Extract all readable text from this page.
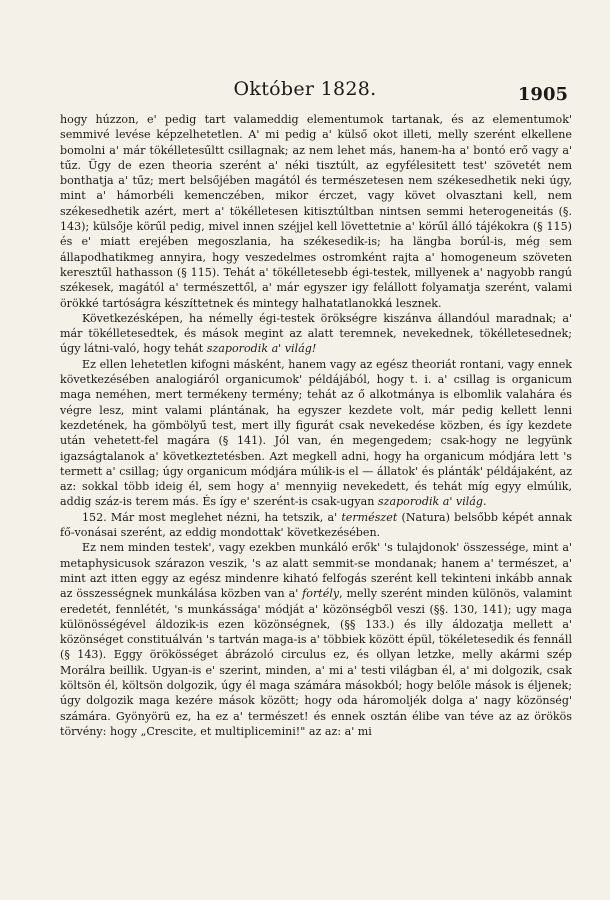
Október 1828.	1905

hogy húzzon, e' pedig tart valameddig elementumok tartanak, és az elementumok' semmivé levése képzelhetetlen. A' mi pedig a' külső okot illeti, melly szerént elkellene bomolni a' már tökélletesűltt csillagnak; az nem lehet más, hanem-ha a' bontó erő vagy a' tűz. Ügy de ezen theoria szerént a' néki tisztúlt, az egyfélesitett test' szövetét nem bonthatja a' tűz; mert belsőjében magától és természetesen nem székesedhetik neki úgy, mint a' hámorbéli kemenczében, mikor érczet, vagy követ olvasztani kell, nem székesedhetik azért, mert a' tökélletesen kitisztúltban nintsen semmi heterogeneitás (§. 143); külsője körűl pedig, mivel innen széjjel kell lövettetnie a' körűl álló tájékokra (§ 115) és e' miatt erejében megoszlania, ha székesedik-is; ha längba borúl-is, még sem állapodhatikmeg annyira, hogy veszedelmes ostromként rajta a' homogeneum szöveten keresztűl hathasson (§ 115). Tehát a' tökélletesebb égi-testek, millyenek a' nagyobb rangú székesek, magától a' természettől, a' már egyszer igy felállott folyamatja szerént, valami örökké tartóságra készíttetnek és mintegy halhatatlanokká lesznek.

Következésképen, ha némelly égi-testek örökségre kiszánva állandóul maradnak; a' már tökélletesedtek, és mások megint az alatt teremnek, nevekednek, tökélletesednek; úgy látni-való, hogy tehát szaporodik a' világ!

Ez ellen lehetetlen kifogni másként, hanem vagy az egész theoriát rontani, vagy ennek következésében analogiáról organicumok' példájából, hogy t. i. a' csillag is organicum maga neméhen, mert termékeny termény; tehát az ő alkotmánya is elbomlik valahára és végre lesz, mint valami plántának, ha egyszer kezdete volt, már pedig kellett lenni kezdetének, ha gömbölyű test, mert illy figurát csak nevekedése közben, és így kezdete után vehetett-fel magára (§ 141). Jól van, én megengedem; csak-hogy ne legyünk igazságtalanok a' következtetésben. Azt megkell adni, hogy ha organicum módjára lett 's termett a' csillag; úgy organicum módjára múlik-is el — állatok' és plánták' példájaként, az az: sokkal több ideig él, sem hogy a' mennyiig nevekedett, és tehát míg egyy elmúlik, addig száz-is terem más. És így e' szerént-is csak-ugyan szaporodik a' világ.

152. Már most meglehet nézni, ha tetszik, a' természet (Natura) belsőbb képét annak fő-vonásai szerént, az eddig mondottak' következésében.

Ez nem minden testek', vagy ezekben munkáló erők' 's tulajdonok' összessége, mint a' metaphysicusok szárazon veszik, 's az alatt semmit-se mondanak; hanem a' természet, a' mint azt itten eggy az egész mindenre kiható felfogás szerént kell tekinteni inkább annak az összességnek munkálása közben van a' fortély, melly szerént minden különös, valamint eredetét, fennlétét, 's munkássága' módját a' közönségből veszi (§§. 130, 141); ugy maga különösségével áldozik-is ezen közönségnek, (§§ 133.) és illy áldozatja mellett a' közönséget constituálván 's tartván maga-is a' többiek között épül, tökéletesedik és fennáll (§ 143). Eggy örökösséget ábrázoló circulus ez, és ollyan letzke, melly akármi szép Morálra beillik. Ugyan-is e' szerint, minden, a' mi a' testi világban él, a' mi dolgozik, csak költsön él, költsön dolgozik, úgy él maga számára másokból; hogy belőle mások is éljenek; úgy dolgozik maga kezére mások között; hogy oda háromoljék dolga a' nagy közönség' számára. Gyönyörü ez, ha ez a' természet! és ennek osztán élibe van téve az az örökös törvény: hogy „Crescite, et multiplicemini!" az az: a' mi
